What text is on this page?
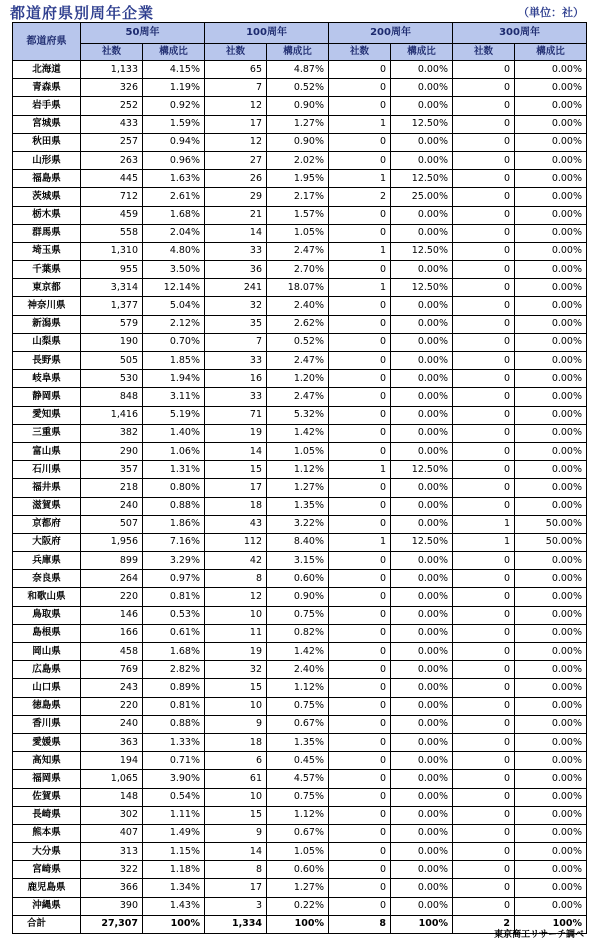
都道府県別周年企業	（単位：社）
都道府県	50周年		100周年		200周年		300周年	
	社数	構成比	社数	構成比	社数	構成比	社数	構成比
北海道	1,133	4.15%	65	4.87%	0	0.00%	0	0.00%
青森県	326	1.19%	7	0.52%	0	0.00%	0	0.00%
岩手県	252	0.92%	12	0.90%	0	0.00%	0	0.00%
宮城県	433	1.59%	17	1.27%	1	12.50%	0	0.00%
秋田県	257	0.94%	12	0.90%	0	0.00%	0	0.00%
山形県	263	0.96%	27	2.02%	0	0.00%	0	0.00%
福島県	445	1.63%	26	1.95%	1	12.50%	0	0.00%
茨城県	712	2.61%	29	2.17%	2	25.00%	0	0.00%
栃木県	459	1.68%	21	1.57%	0	0.00%	0	0.00%
群馬県	558	2.04%	14	1.05%	0	0.00%	0	0.00%
埼玉県	1,310	4.80%	33	2.47%	1	12.50%	0	0.00%
千葉県	955	3.50%	36	2.70%	0	0.00%	0	0.00%
東京都	3,314	12.14%	241	18.07%	1	12.50%	0	0.00%
神奈川県	1,377	5.04%	32	2.40%	0	0.00%	0	0.00%
新潟県	579	2.12%	35	2.62%	0	0.00%	0	0.00%
山梨県	190	0.70%	7	0.52%	0	0.00%	0	0.00%
長野県	505	1.85%	33	2.47%	0	0.00%	0	0.00%
岐阜県	530	1.94%	16	1.20%	0	0.00%	0	0.00%
静岡県	848	3.11%	33	2.47%	0	0.00%	0	0.00%
愛知県	1,416	5.19%	71	5.32%	0	0.00%	0	0.00%
三重県	382	1.40%	19	1.42%	0	0.00%	0	0.00%
富山県	290	1.06%	14	1.05%	0	0.00%	0	0.00%
石川県	357	1.31%	15	1.12%	1	12.50%	0	0.00%
福井県	218	0.80%	17	1.27%	0	0.00%	0	0.00%
滋賀県	240	0.88%	18	1.35%	0	0.00%	0	0.00%
京都府	507	1.86%	43	3.22%	0	0.00%	1	50.00%
大阪府	1,956	7.16%	112	8.40%	1	12.50%	1	50.00%
兵庫県	899	3.29%	42	3.15%	0	0.00%	0	0.00%
奈良県	264	0.97%	8	0.60%	0	0.00%	0	0.00%
和歌山県	220	0.81%	12	0.90%	0	0.00%	0	0.00%
鳥取県	146	0.53%	10	0.75%	0	0.00%	0	0.00%
島根県	166	0.61%	11	0.82%	0	0.00%	0	0.00%
岡山県	458	1.68%	19	1.42%	0	0.00%	0	0.00%
広島県	769	2.82%	32	2.40%	0	0.00%	0	0.00%
山口県	243	0.89%	15	1.12%	0	0.00%	0	0.00%
徳島県	220	0.81%	10	0.75%	0	0.00%	0	0.00%
香川県	240	0.88%	9	0.67%	0	0.00%	0	0.00%
愛媛県	363	1.33%	18	1.35%	0	0.00%	0	0.00%
高知県	194	0.71%	6	0.45%	0	0.00%	0	0.00%
福岡県	1,065	3.90%	61	4.57%	0	0.00%	0	0.00%
佐賀県	148	0.54%	10	0.75%	0	0.00%	0	0.00%
長崎県	302	1.11%	15	1.12%	0	0.00%	0	0.00%
熊本県	407	1.49%	9	0.67%	0	0.00%	0	0.00%
大分県	313	1.15%	14	1.05%	0	0.00%	0	0.00%
宮崎県	322	1.18%	8	0.60%	0	0.00%	0	0.00%
鹿児島県	366	1.34%	17	1.27%	0	0.00%	0	0.00%
沖縄県	390	1.43%	3	0.22%	0	0.00%	0	0.00%
合計	27,307	100%	1,334	100%	8	100%	2	100%
東京商工リサーチ調べ
